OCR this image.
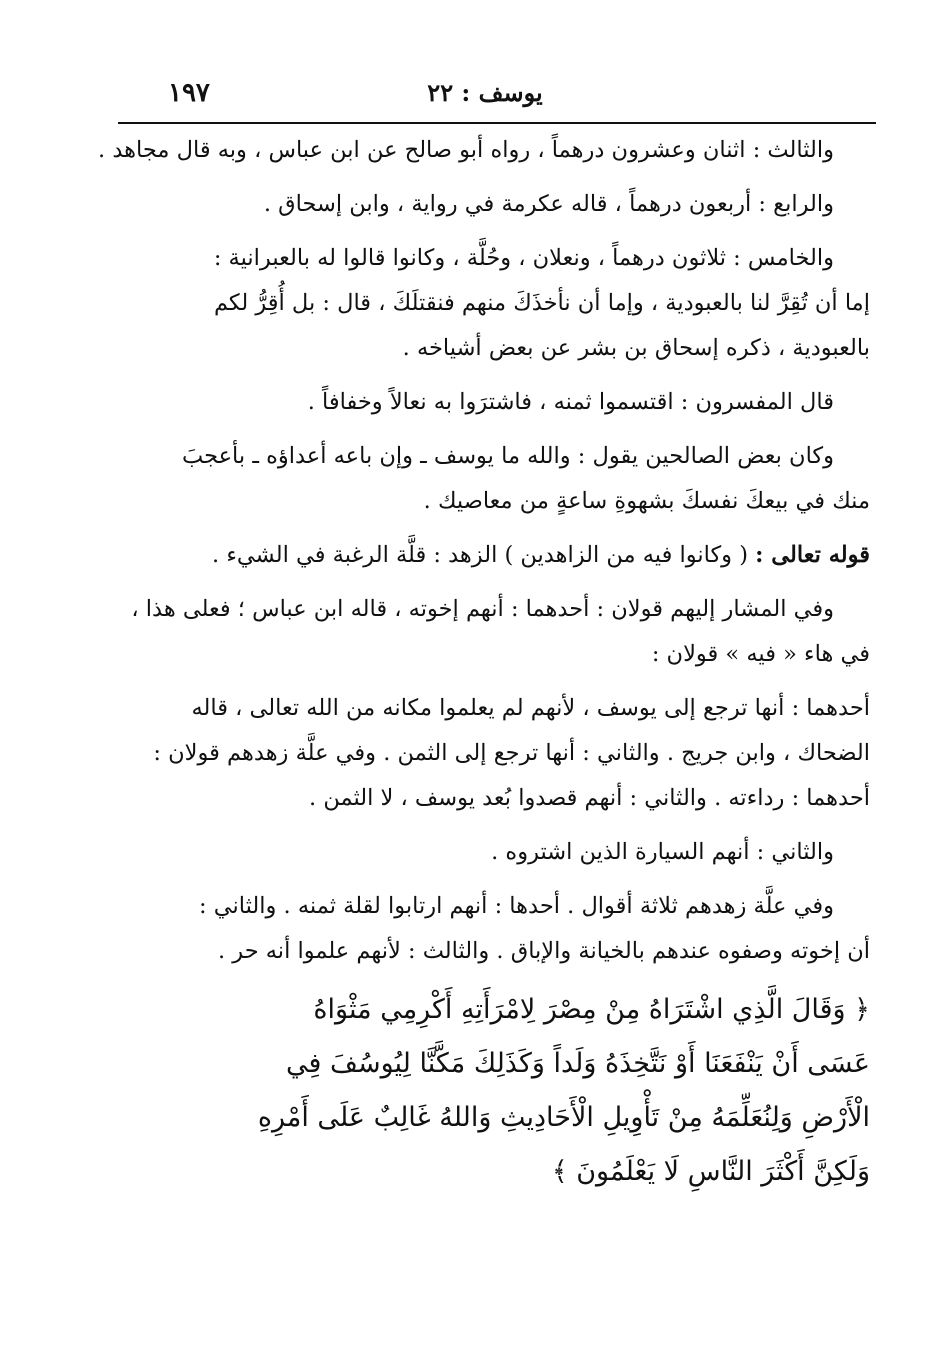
يوسف : ٢٢
١٩٧
والثالث : اثنان وعشرون درهماً ، رواه أبو صالح عن ابن عباس ، وبه قال مجاهد .
والرابع : أربعون درهماً ، قاله عكرمة في رواية ، وابن إسحاق .
والخامس : ثلاثون درهماً ، ونعلان ، وحُلَّة ، وكانوا قالوا له بالعبرانية :
إما أن تُقِرَّ لنا بالعبودية ، وإما أن نأخذَكَ منهم فنقتلَكَ ، قال : بل أُقِرُّ لكم
بالعبودية ، ذكره إسحاق بن بشر عن بعض أشياخه .
قال المفسرون : اقتسموا ثمنه ، فاشترَوا به نعالاً وخفافاً .
وكان بعض الصالحين يقول : والله ما يوسف ـ وإن باعه أعداؤه ـ بأعجبَ
منك في بيعكَ نفسكَ بشهوةِ ساعةٍ من معاصيك .
قوله تعالى : ( وكانوا فيه من الزاهدين ) الزهد : قلَّة الرغبة في الشيء .
وفي المشار إليهم قولان : أحدهما : أنهم إخوته ، قاله ابن عباس ؛ فعلى هذا ،
في هاء « فيه » قولان :
أحدهما : أنها ترجع إلى يوسف ، لأنهم لم يعلموا مكانه من الله تعالى ، قاله
الضحاك ، وابن جريج . والثاني : أنها ترجع إلى الثمن . وفي علَّة زهدهم قولان :
أحدهما : رداءته . والثاني : أنهم قصدوا بُعد يوسف ، لا الثمن .
والثاني : أنهم السيارة الذين اشتروه .
وفي علَّة زهدهم ثلاثة أقوال . أحدها : أنهم ارتابوا لقلة ثمنه . والثاني :
أن إخوته وصفوه عندهم بالخيانة والإباق . والثالث : لأنهم علموا أنه حر .
﴿ وَقَالَ الَّذِي اشْتَرَاهُ مِنْ مِصْرَ لِامْرَأَتِهِ أَكْرِمِي مَثْوَاهُ
عَسَى أَنْ يَنْفَعَنَا أَوْ نَتَّخِذَهُ وَلَداً وَكَذَلِكَ مَكَّنَّا لِيُوسُفَ فِي
الْأَرْضِ وَلِنُعَلِّمَهُ مِنْ تَأْوِيلِ الْأَحَادِيثِ وَاللهُ غَالِبٌ عَلَى أَمْرِهِ
وَلَكِنَّ أَكْثَرَ النَّاسِ لَا يَعْلَمُونَ ﴾
